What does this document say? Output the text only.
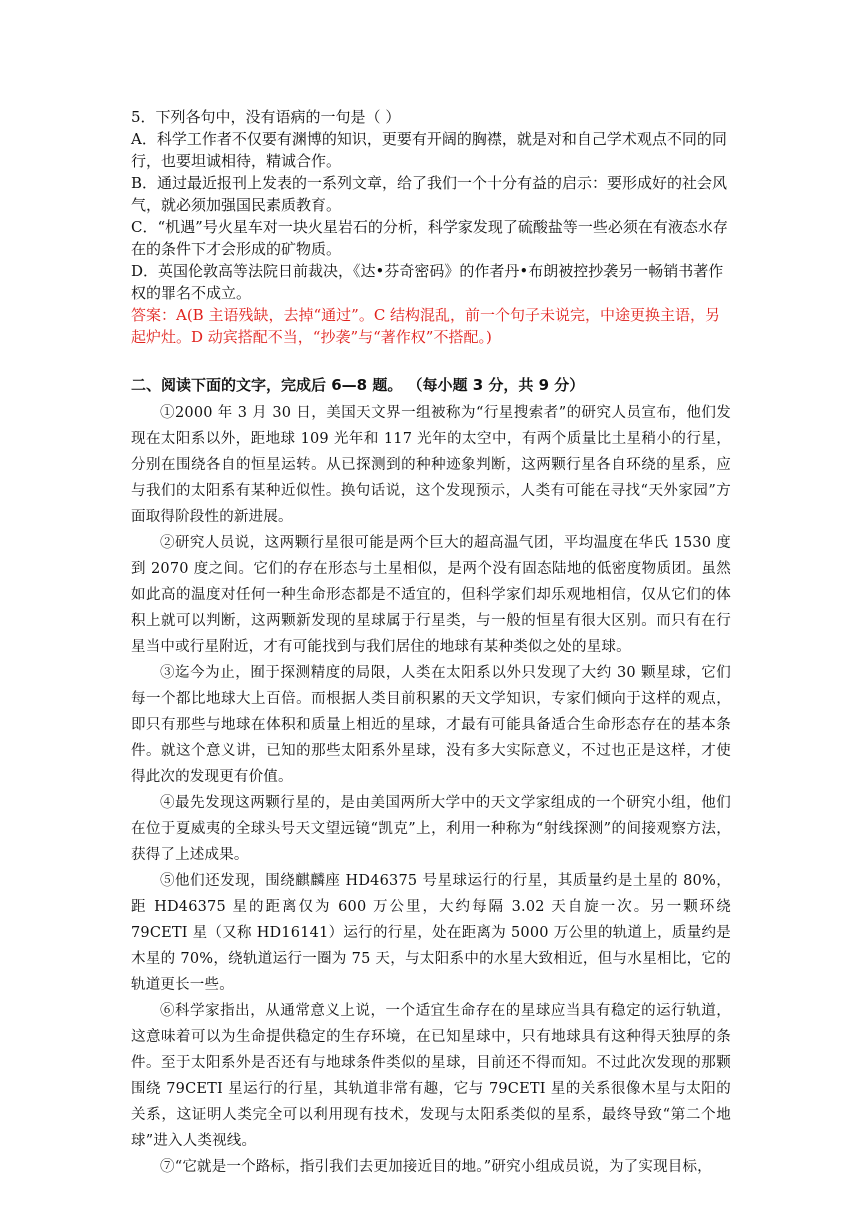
5．下列各句中，没有语病的一句是（ ）

A．科学工作者不仅要有渊博的知识，更要有开阔的胸襟，就是对和自己学术观点不同的同行，也要坦诚相待，精诚合作。

B．通过最近报刊上发表的一系列文章，给了我们一个十分有益的启示：要形成好的社会风气，就必须加强国民素质教育。

C．“机遇”号火星车对一块火星岩石的分析，科学家发现了硫酸盐等一些必须在有液态水存在的条件下才会形成的矿物质。

D．英国伦敦高等法院日前裁决，《达•芬奇密码》的作者丹•布朗被控抄袭另一畅销书著作权的罪名不成立。

答案：A(B 主语残缺，去掉“通过”。C 结构混乱，前一个句子未说完，中途更换主语，另起炉灶。D 动宾搭配不当，“抄袭”与“著作权”不搭配。)

二、阅读下面的文字，完成后 6—8 题。 （每小题 3 分，共 9 分）

①2000 年 3 月 30 日，美国天文界一组被称为“行星搜索者”的研究人员宣布，他们发现在太阳系以外，距地球 109 光年和 117 光年的太空中，有两个质量比土星稍小的行星，分别在围绕各自的恒星运转。从已探测到的种种迹象判断，这两颗行星各自环绕的星系，应与我们的太阳系有某种近似性。换句话说，这个发现预示，人类有可能在寻找“天外家园”方面取得阶段性的新进展。

②研究人员说，这两颗行星很可能是两个巨大的超高温气团，平均温度在华氏 1530 度到 2070 度之间。它们的存在形态与土星相似，是两个没有固态陆地的低密度物质团。虽然如此高的温度对任何一种生命形态都是不适宜的，但科学家们却乐观地相信，仅从它们的体积上就可以判断，这两颗新发现的星球属于行星类，与一般的恒星有很大区别。而只有在行星当中或行星附近，才有可能找到与我们居住的地球有某种类似之处的星球。

③迄今为止，囿于探测精度的局限，人类在太阳系以外只发现了大约 30 颗星球，它们每一个都比地球大上百倍。而根据人类目前积累的天文学知识，专家们倾向于这样的观点，即只有那些与地球在体积和质量上相近的星球，才最有可能具备适合生命形态存在的基本条件。就这个意义讲，已知的那些太阳系外星球，没有多大实际意义，不过也正是这样，才使得此次的发现更有价值。

④最先发现这两颗行星的，是由美国两所大学中的天文学家组成的一个研究小组，他们在位于夏威夷的全球头号天文望远镜“凯克”上，利用一种称为“射线探测”的间接观察方法，获得了上述成果。

⑤他们还发现，围绕麒麟座 HD46375 号星球运行的行星，其质量约是土星的 80%，距 HD46375 星的距离仅为 600 万公里，大约每隔 3.02 天自旋一次。另一颗环绕 79CETI 星（又称 HD16141）运行的行星，处在距离为 5000 万公里的轨道上，质量约是木星的 70%，绕轨道运行一圈为 75 天，与太阳系中的水星大致相近，但与水星相比，它的轨道更长一些。

⑥科学家指出，从通常意义上说，一个适宜生命存在的星球应当具有稳定的运行轨道，这意味着可以为生命提供稳定的生存环境，在已知星球中，只有地球具有这种得天独厚的条件。至于太阳系外是否还有与地球条件类似的星球，目前还不得而知。不过此次发现的那颗围绕 79CETI 星运行的行星，其轨道非常有趣，它与 79CETI 星的关系很像木星与太阳的关系，这证明人类完全可以利用现有技术，发现与太阳系类似的星系，最终导致“第二个地球”进入人类视线。

⑦“它就是一个路标，指引我们去更加接近目的地。”研究小组成员说，为了实现目标，
